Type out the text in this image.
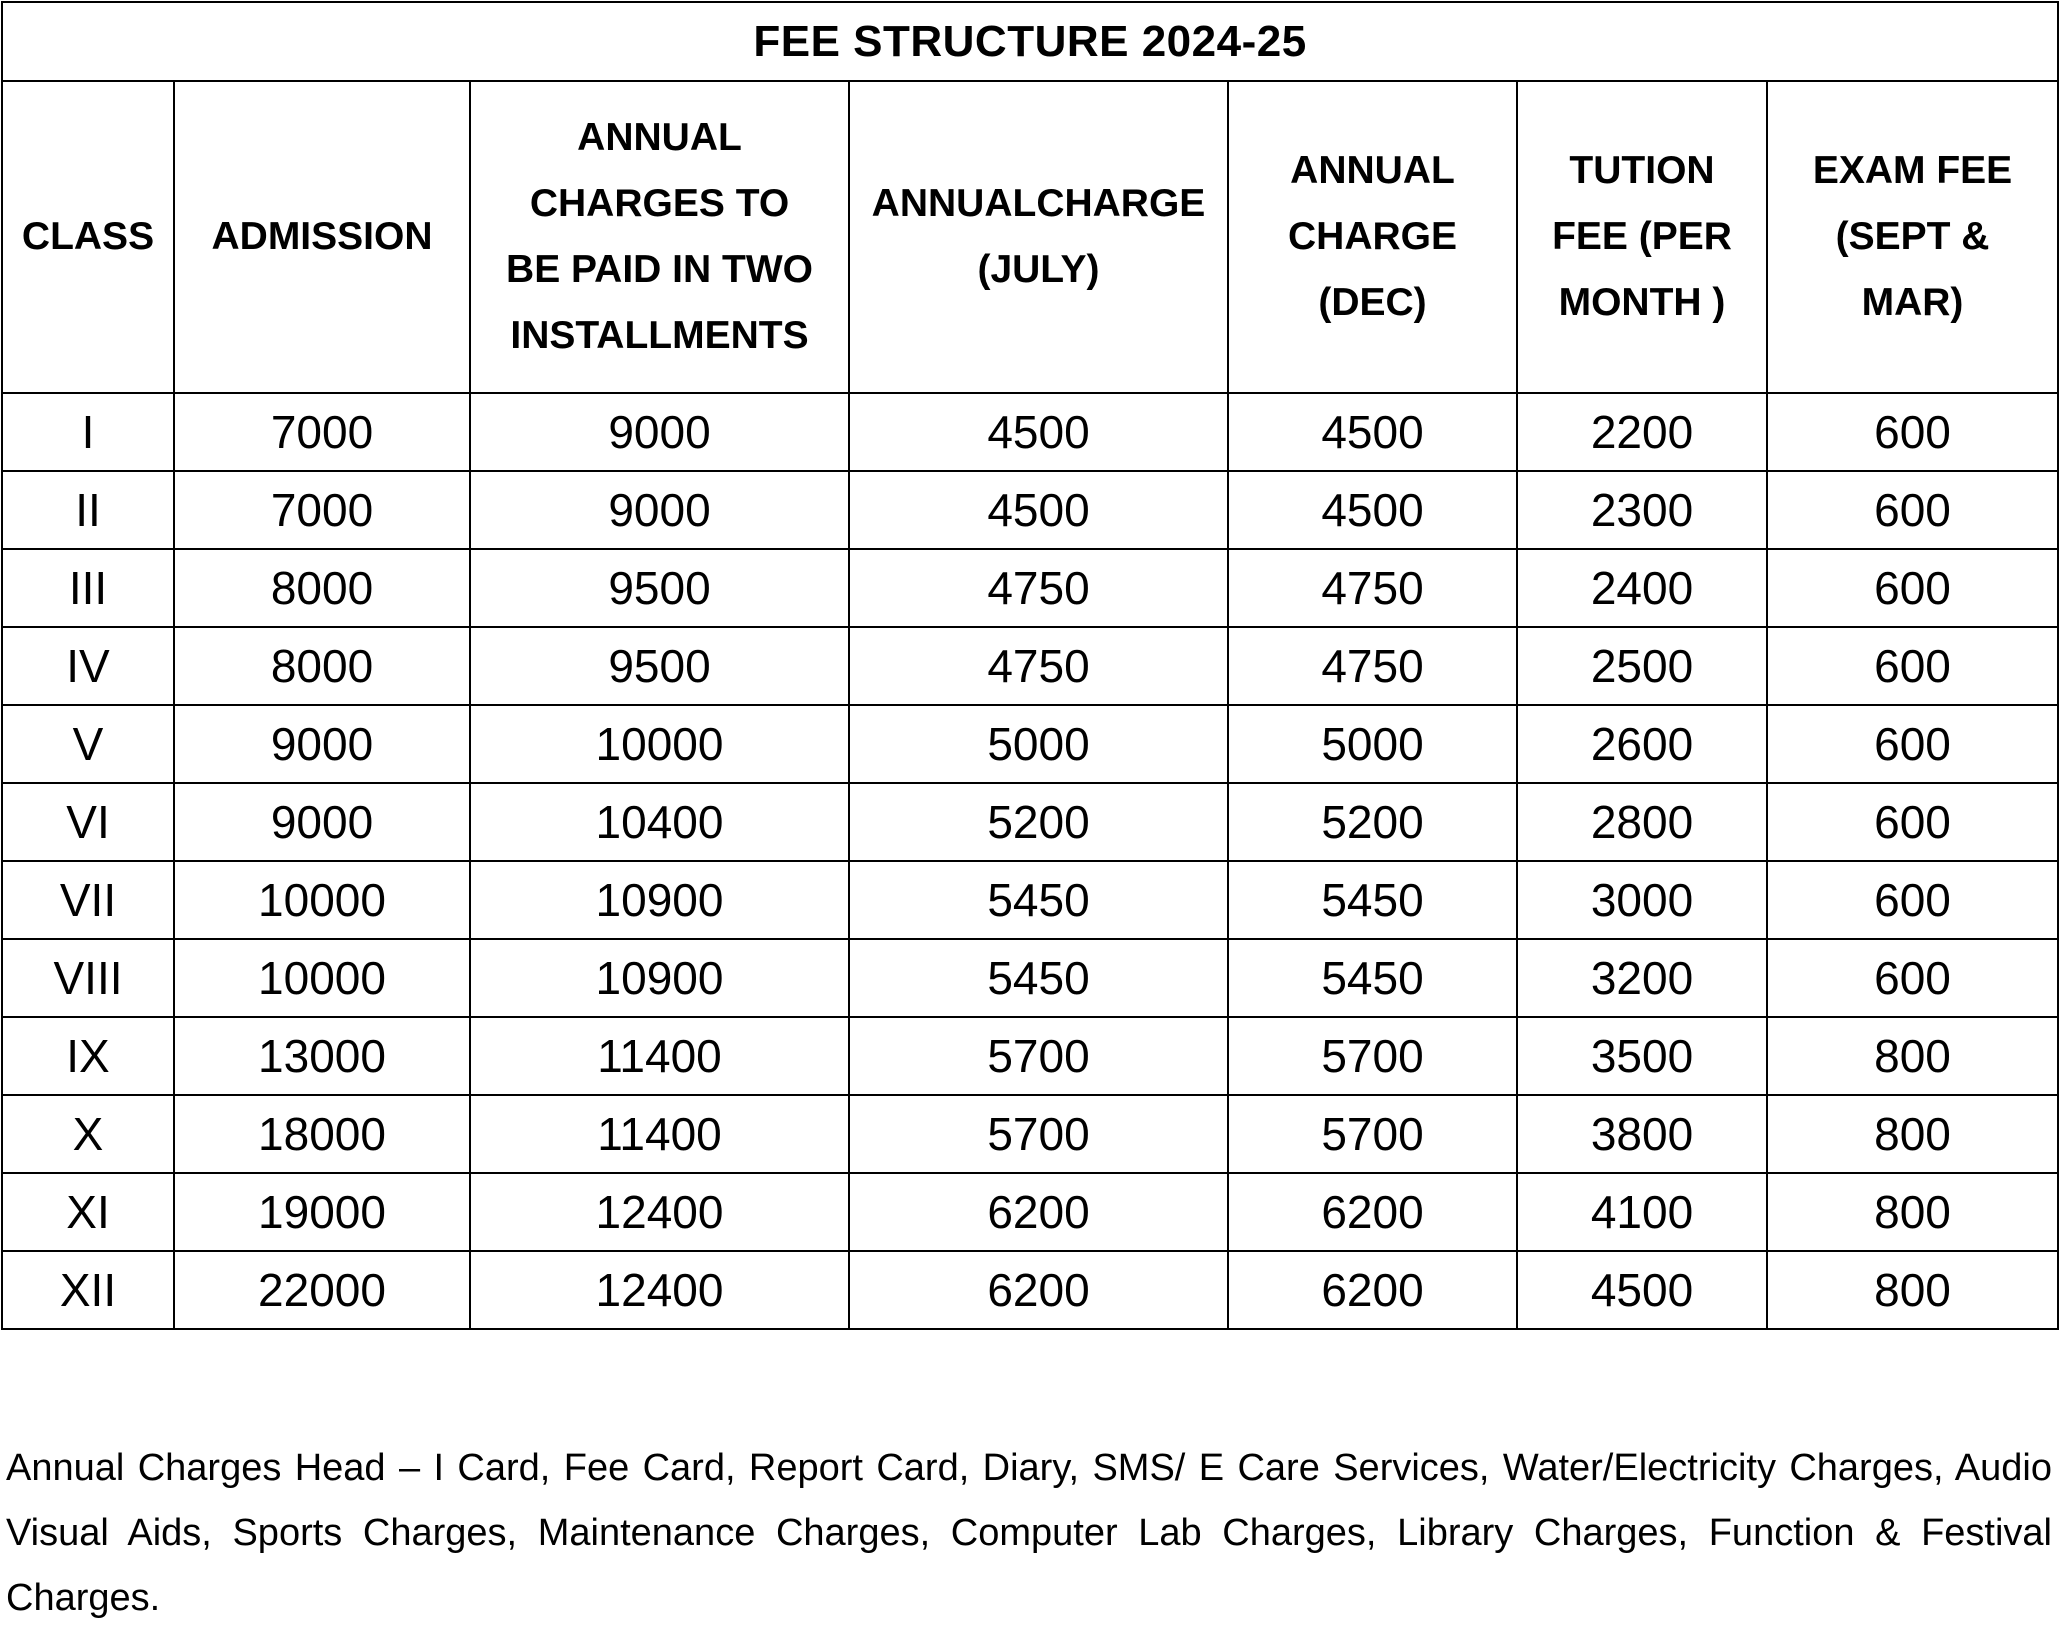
FEE STRUCTURE 2024-25						
CLASS	ADMISSION	ANNUAL CHARGES TO BE PAID IN TWO INSTALLMENTS	ANNUALCHARGE (JULY)	ANNUAL CHARGE (DEC)	TUTION FEE (PER MONTH )	EXAM FEE (SEPT & MAR)
I	7000	9000	4500	4500	2200	600
II	7000	9000	4500	4500	2300	600
III	8000	9500	4750	4750	2400	600
IV	8000	9500	4750	4750	2500	600
V	9000	10000	5000	5000	2600	600
VI	9000	10400	5200	5200	2800	600
VII	10000	10900	5450	5450	3000	600
VIII	10000	10900	5450	5450	3200	600
IX	13000	11400	5700	5700	3500	800
X	18000	11400	5700	5700	3800	800
XI	19000	12400	6200	6200	4100	800
XII	22000	12400	6200	6200	4500	800
Annual Charges Head – I Card, Fee Card, Report Card, Diary, SMS/ E Care Services, Water/Electricity Charges, Audio Visual Aids, Sports Charges, Maintenance Charges, Computer Lab Charges, Library Charges, Function & Festival Charges.
